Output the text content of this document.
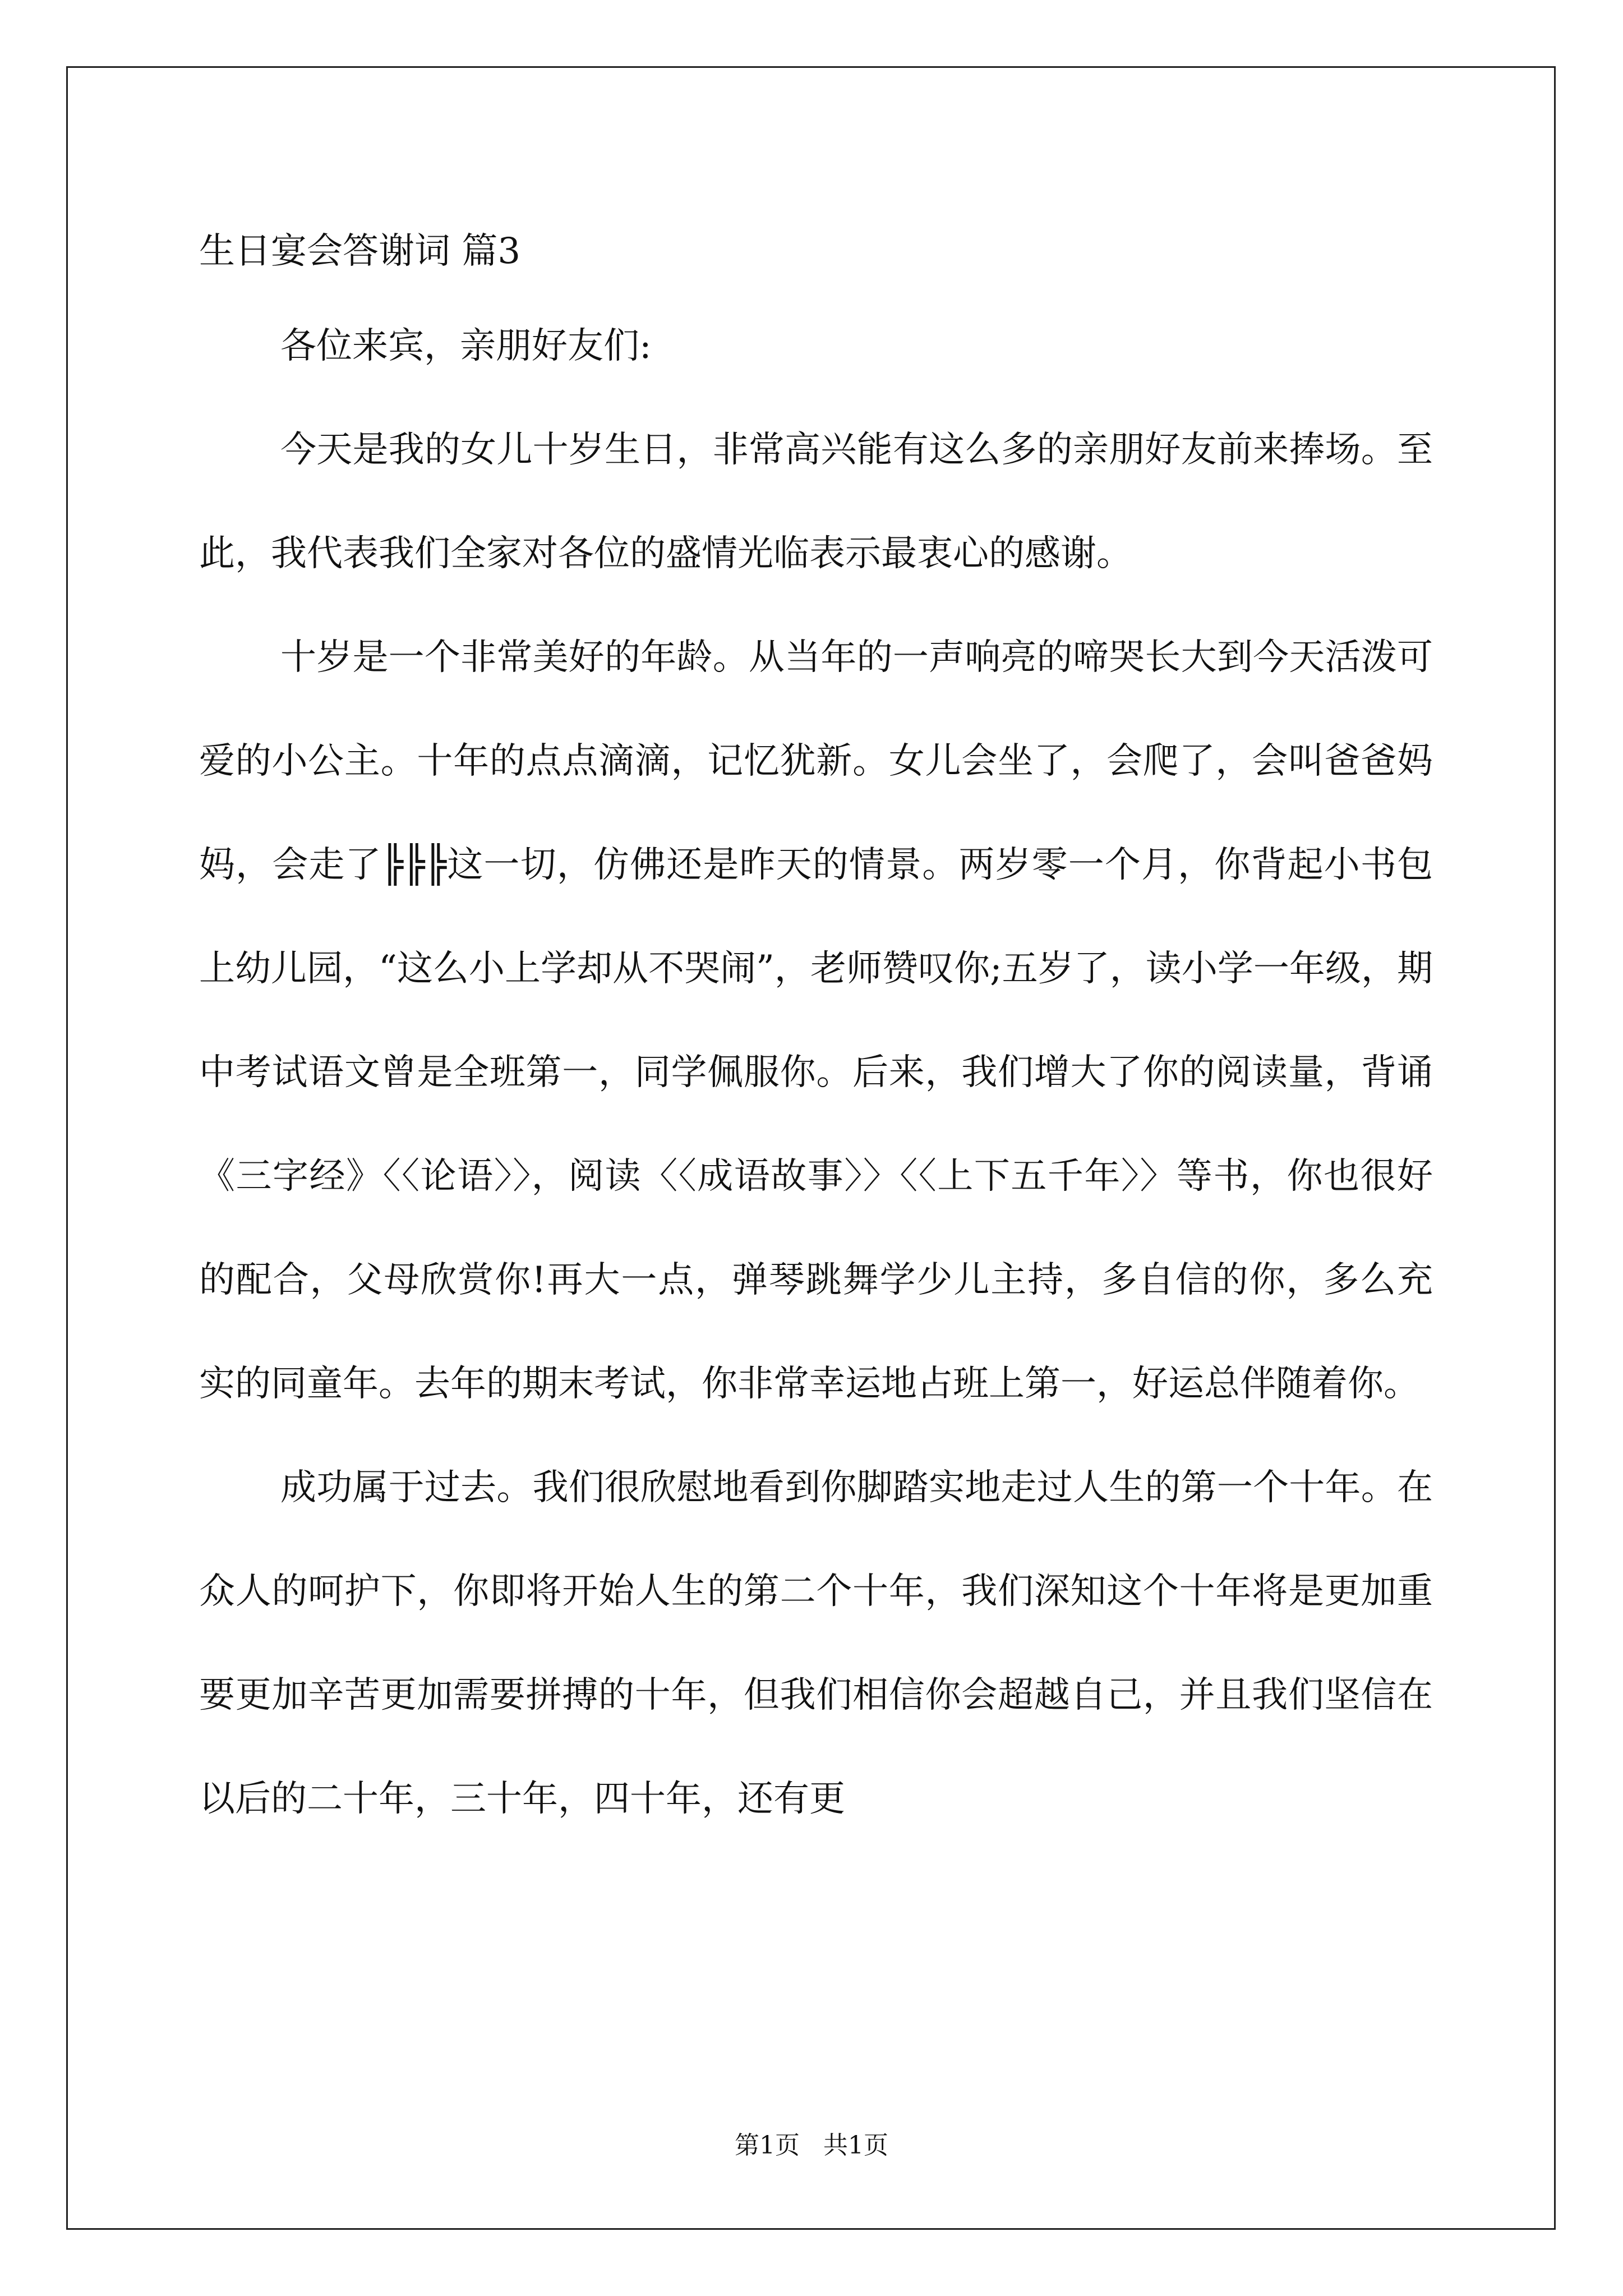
生日宴会答谢词 篇3

各位来宾，亲朋好友们:

今天是我的女儿十岁生日，非常高兴能有这么多的亲朋好友前来捧场。至此，我代表我们全家对各位的盛情光临表示最衷心的感谢。

十岁是一个非常美好的年龄。从当年的一声响亮的啼哭长大到今天活泼可爱的小公主。十年的点点滴滴，记忆犹新。女儿会坐了，会爬了，会叫爸爸妈妈，会走了╠╠╠这一切，仿佛还是昨天的情景。两岁零一个月，你背起小书包上幼儿园，“这么小上学却从不哭闹”，老师赞叹你;五岁了，读小学一年级，期中考试语文曾是全班第一，同学佩服你。后来，我们增大了你的阅读量，背诵《三字经》〈〈论语〉〉，阅读〈〈成语故事〉〉〈〈上下五千年〉〉等书，你也很好的配合，父母欣赏你!再大一点，弹琴跳舞学少儿主持，多自信的你，多么充实的同童年。去年的期末考试，你非常幸运地占班上第一，好运总伴随着你。

成功属于过去。我们很欣慰地看到你脚踏实地走过人生的第一个十年。在众人的呵护下，你即将开始人生的第二个十年，我们深知这个十年将是更加重要更加辛苦更加需要拼搏的十年，但我们相信你会超越自己，并且我们坚信在以后的二十年，三十年，四十年，还有更

第1页   共1页
